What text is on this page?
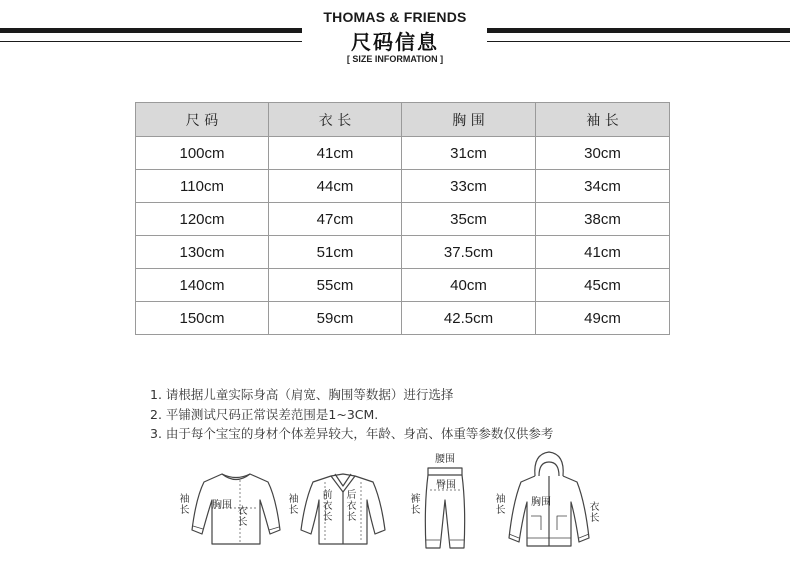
THOMAS & FRIENDS
尺码信息
[ SIZE INFORMATION ]
尺 码	衣 长	胸 围	袖 长
100cm	41cm	31cm	30cm
110cm	44cm	33cm	34cm
120cm	47cm	35cm	38cm
130cm	51cm	37.5cm	41cm
140cm	55cm	40cm	45cm
150cm	59cm	42.5cm	49cm
1. 请根据儿童实际身高（肩宽、胸围等数据）进行选择
2. 平铺测试尺码正常误差范围是1~3CM.
3. 由于每个宝宝的身材个体差异较大，年龄、身高、体重等参数仅供参考
袖长 胸围
衣长
袖长
前衣长
后衣长
腰围
臀围
裤长
袖长
胸围	衣长
